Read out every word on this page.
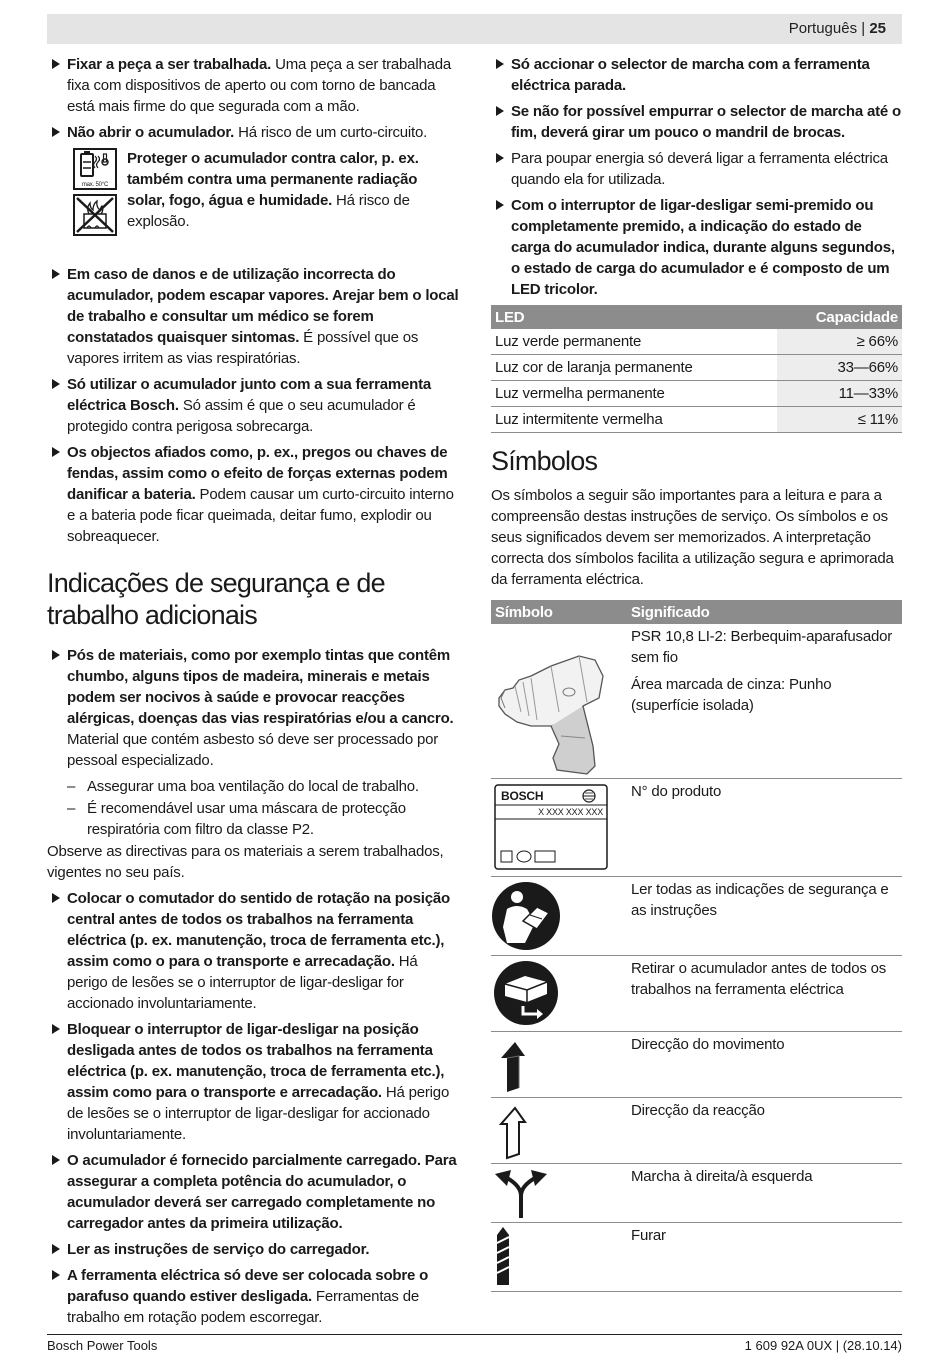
Português | 25
Fixar a peça a ser trabalhada. Uma peça a ser trabalhada fixa com dispositivos de aperto ou com torno de bancada está mais firme do que segurada com a mão.
Não abrir o acumulador. Há risco de um curto-circuito.
max. 50°C
Proteger o acumulador contra calor, p. ex. também contra uma permanente radiação solar, fogo, água e humidade. Há risco de explosão.
Em caso de danos e de utilização incorrecta do acumulador, podem escapar vapores. Arejar bem o local de trabalho e consultar um médico se forem constatados quaisquer sintomas. É possível que os vapores irritem as vias respiratórias.
Só utilizar o acumulador junto com a sua ferramenta eléctrica Bosch. Só assim é que o seu acumulador é protegido contra perigosa sobrecarga.
Os objectos afiados como, p. ex., pregos ou chaves de fendas, assim como o efeito de forças externas podem danificar a bateria. Podem causar um curto-circuito interno e a bateria pode ficar queimada, deitar fumo, explodir ou sobreaquecer.
Indicações de segurança e de trabalho adicionais
Pós de materiais, como por exemplo tintas que contêm chumbo, alguns tipos de madeira, minerais e metais podem ser nocivos à saúde e provocar reacções alérgicas, doenças das vias respiratórias e/ou a cancro. Material que contém asbesto só deve ser processado por pessoal especializado.
– Assegurar uma boa ventilação do local de trabalho.
– É recomendável usar uma máscara de protecção respiratória com filtro da classe P2.

Observe as directivas para os materiais a serem trabalhados, vigentes no seu país.

Colocar o comutador do sentido de rotação na posição central antes de todos os trabalhos na ferramenta eléctrica (p. ex. manutenção, troca de ferramenta etc.), assim como o para o transporte e arrecadação. Há perigo de lesões se o interruptor de ligar-desligar for accionado involuntariamente.
Bloquear o interruptor de ligar-desligar na posição desligada antes de todos os trabalhos na ferramenta eléctrica (p. ex. manutenção, troca de ferramenta etc.), assim como para o transporte e arrecadação. Há perigo de lesões se o interruptor de ligar-desligar for accionado involuntariamente.
O acumulador é fornecido parcialmente carregado. Para assegurar a completa potência do acumulador, o acumulador deverá ser carregado completamente no carregador antes da primeira utilização.
Ler as instruções de serviço do carregador.
A ferramenta eléctrica só deve ser colocada sobre o parafuso quando estiver desligada. Ferramentas de trabalho em rotação podem escorregar.
Só accionar o selector de marcha com a ferramenta eléctrica parada.
Se não for possível empurrar o selector de marcha até o fim, deverá girar um pouco o mandril de brocas.
Para poupar energia só deverá ligar a ferramenta eléctrica quando ela for utilizada.
Com o interruptor de ligar-desligar semi-premido ou completamente premido, a indicação do estado de carga do acumulador indica, durante alguns segundos, o estado de carga do acumulador e é composto de um LED tricolor.
LED	Capacidade
Luz verde permanente	≥ 66%
Luz cor de laranja permanente	33—66%
Luz vermelha permanente	11—33%
Luz intermitente vermelha	≤ 11%
Símbolos

Os símbolos a seguir são importantes para a leitura e para a compreensão destas instruções de serviço. Os símbolos e os seus significados devem ser memorizados. A interpretação correcta dos símbolos facilita a utilização segura e aprimorada da ferramenta eléctrica.

Símbolo	Significado

PSR 10,8 LI-2: Berbequim-aparafusador sem fio

Área marcada de cinza: Punho (superfície isolada)

BOSCH
X XXX XXX XXX	N° do produto

Ler todas as indicações de segurança e as instruções

Retirar o acumulador antes de todos os trabalhos na ferramenta eléctrica

Direcção do movimento

Direcção da reacção

Marcha à direita/à esquerda

Furar

Bosch Power Tools	1 609 92A 0UX | (28.10.14)
